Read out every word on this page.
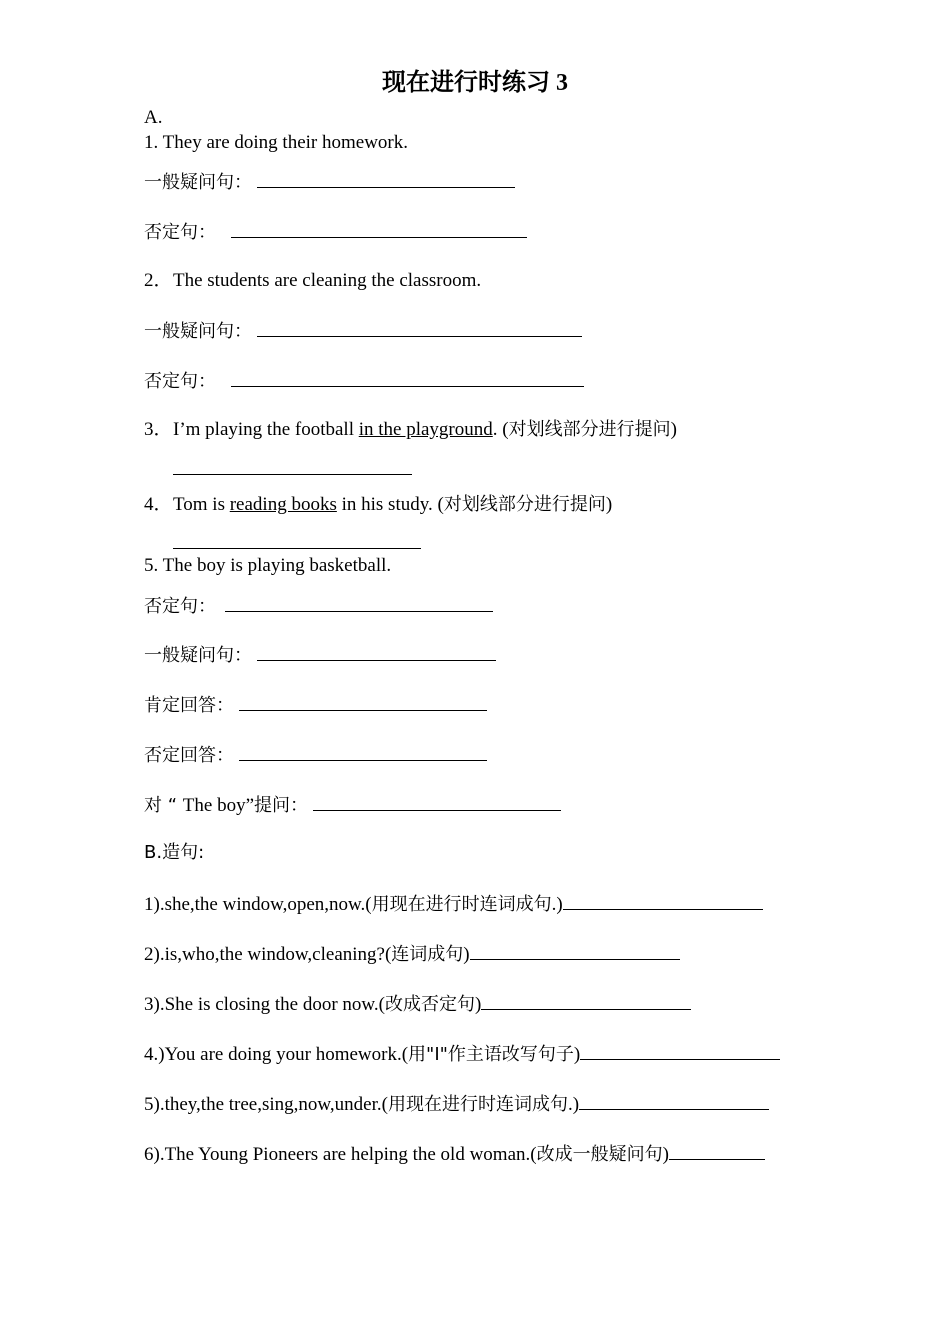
现在进行时练习 3
A.
1. They are doing their homework.
一般疑问句：
否定句：
2．The students are cleaning the classroom.
一般疑问句：
否定句：
3．I’m playing the football in the playground. (对划线部分进行提问)
4．Tom is reading books in his study. (对划线部分进行提问)
5. The boy is playing basketball.
否定句：
一般疑问句：
肯定回答：
否定回答：
对 “ The boy”提问：
B.造句:
1).she,the window,open,now.(用现在进行时连词成句.)
2).is,who,the window,cleaning?(连词成句)
3).She is closing the door now.(改成否定句)
4.)You are doing your homework.(用"I"作主语改写句子)
5).they,the tree,sing,now,under.(用现在进行时连词成句.)
6).The Young Pioneers are helping the old woman.(改成一般疑问句)
